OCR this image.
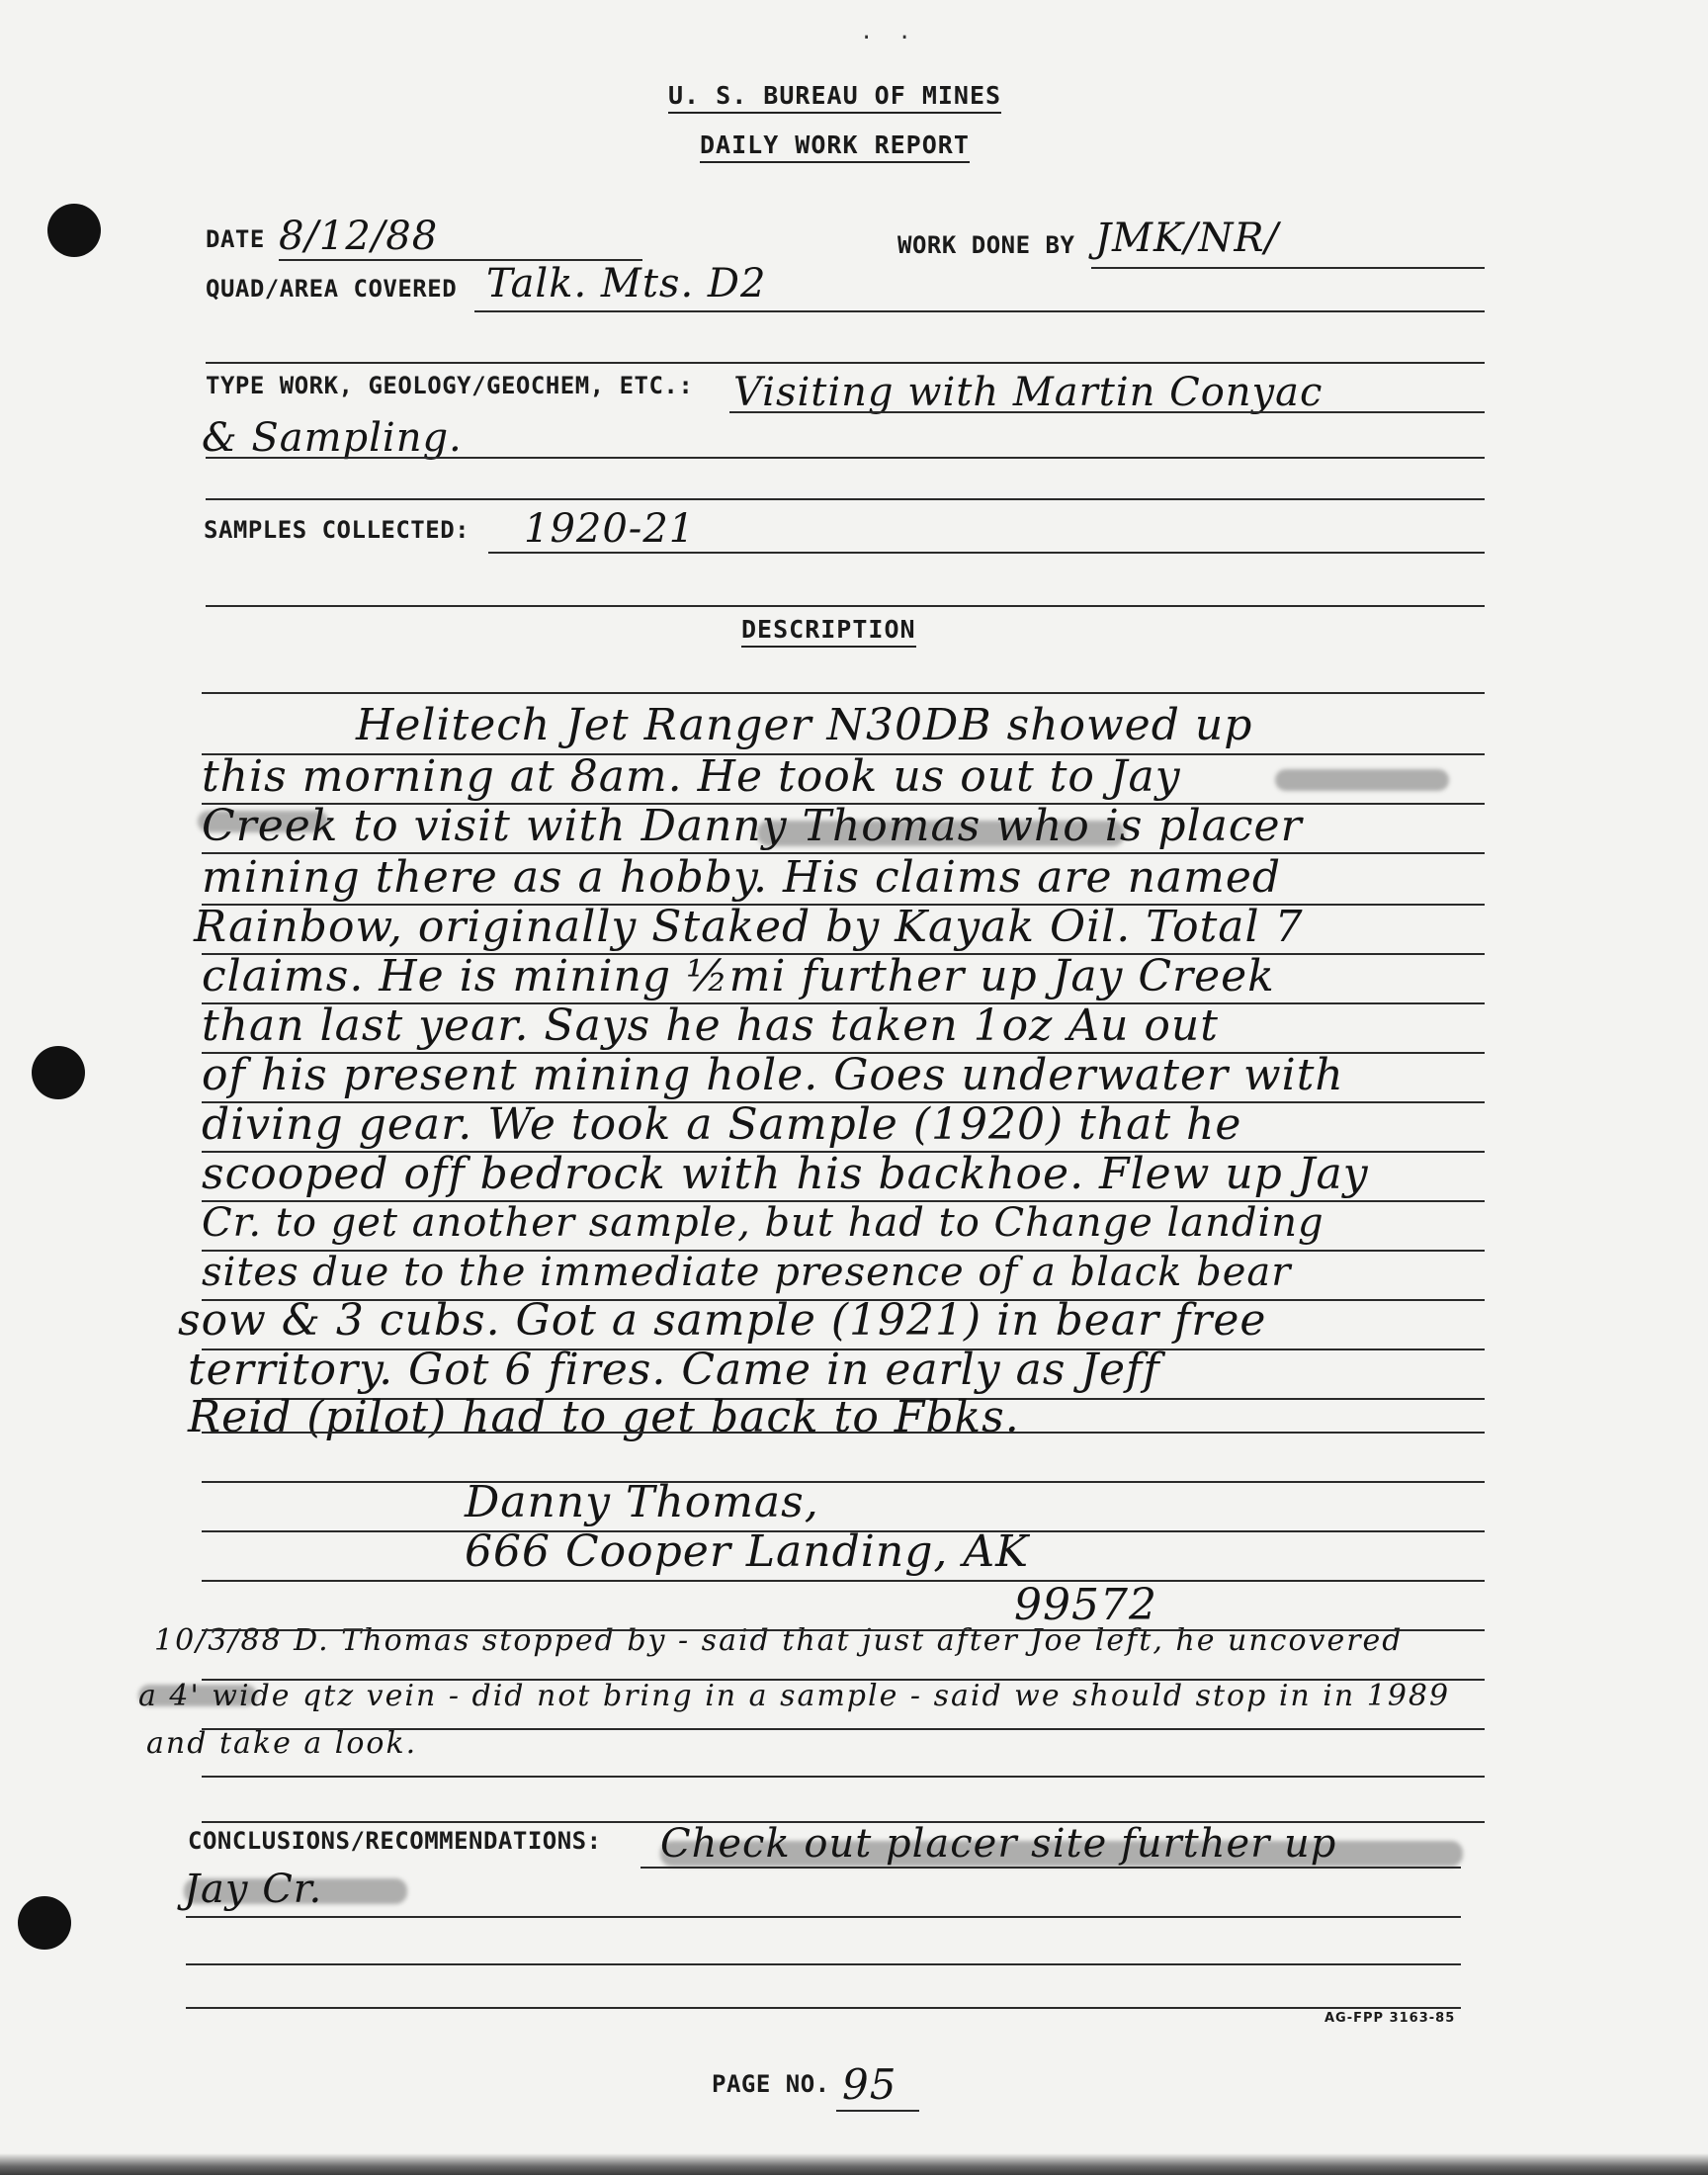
· ·
U. S. BUREAU OF MINES
DAILY WORK REPORT
DATE 8/12/88	WORK DONE BY JMK/NR/
QUAD/AREA COVERED Talk. Mts. D2
TYPE WORK, GEOLOGY/GEOCHEM, ETC.: Visiting with Martin Conyac
& Sampling.
SAMPLES COLLECTED: 1920-21
DESCRIPTION
Helitech Jet Ranger N30DB showed up
this morning at 8am. He took us out to Jay
Creek to visit with Danny Thomas who is placer
mining there as a hobby. His claims are named
Rainbow, originally Staked by Kayak Oil. Total 7
claims. He is mining ½mi further up Jay Creek
than last year. Says he has taken 1oz Au out
of his present mining hole. Goes underwater with
diving gear. We took a Sample (1920) that he
scooped off bedrock with his backhoe. Flew up Jay
Cr. to get another sample, but had to Change landing
sites due to the immediate presence of a black bear
sow & 3 cubs. Got a sample (1921) in bear free
territory. Got 6 fires. Came in early as Jeff
Reid (pilot) had to get back to Fbks.
Danny Thomas,
666 Cooper Landing, AK
99572
10/3/88 D. Thomas stopped by - said that just after Joe left, he uncovered
a 4' wide qtz vein - did not bring in a sample - said we should stop in in 1989
and take a look.
CONCLUSIONS/RECOMMENDATIONS: Check out placer site further up
Jay Cr.
AG-FPP 3163-85
PAGE NO. 95
